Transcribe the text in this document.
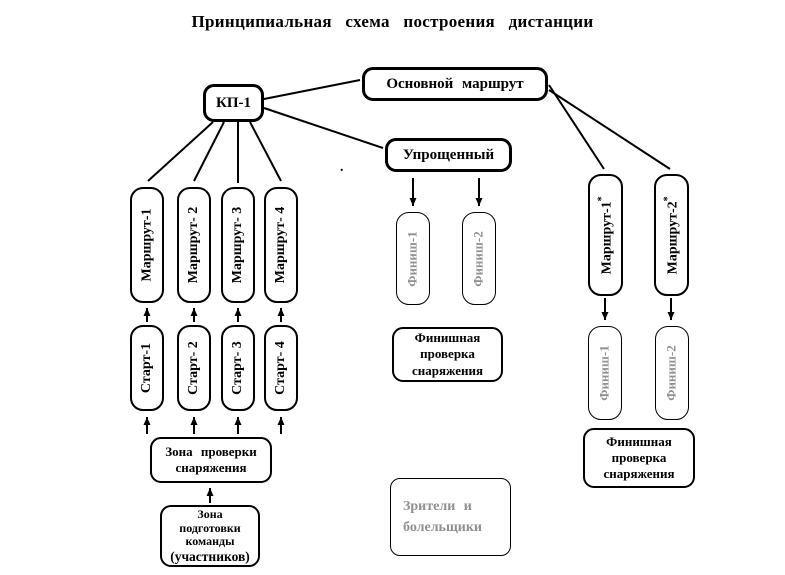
Принципиальная схема построения дистанции
КП-1
Основной маршрут
Упрощенный
.
Маршрут-1 Маршрут- 2 Маршрут- 3 Маршрут- 4
Старт-1 Старт- 2 Старт- 3 Старт- 4
Зона проверки
снаряжения
Зона
подготовки
команды
(участников)
Финиш-1	Финиш-2
Финишная
проверка
снаряжения
Зрители и
болельщики
Маршрут-1*
Маршрут-2*
Финиш-1	Финиш-2
Финишная
проверка
снаряжения
